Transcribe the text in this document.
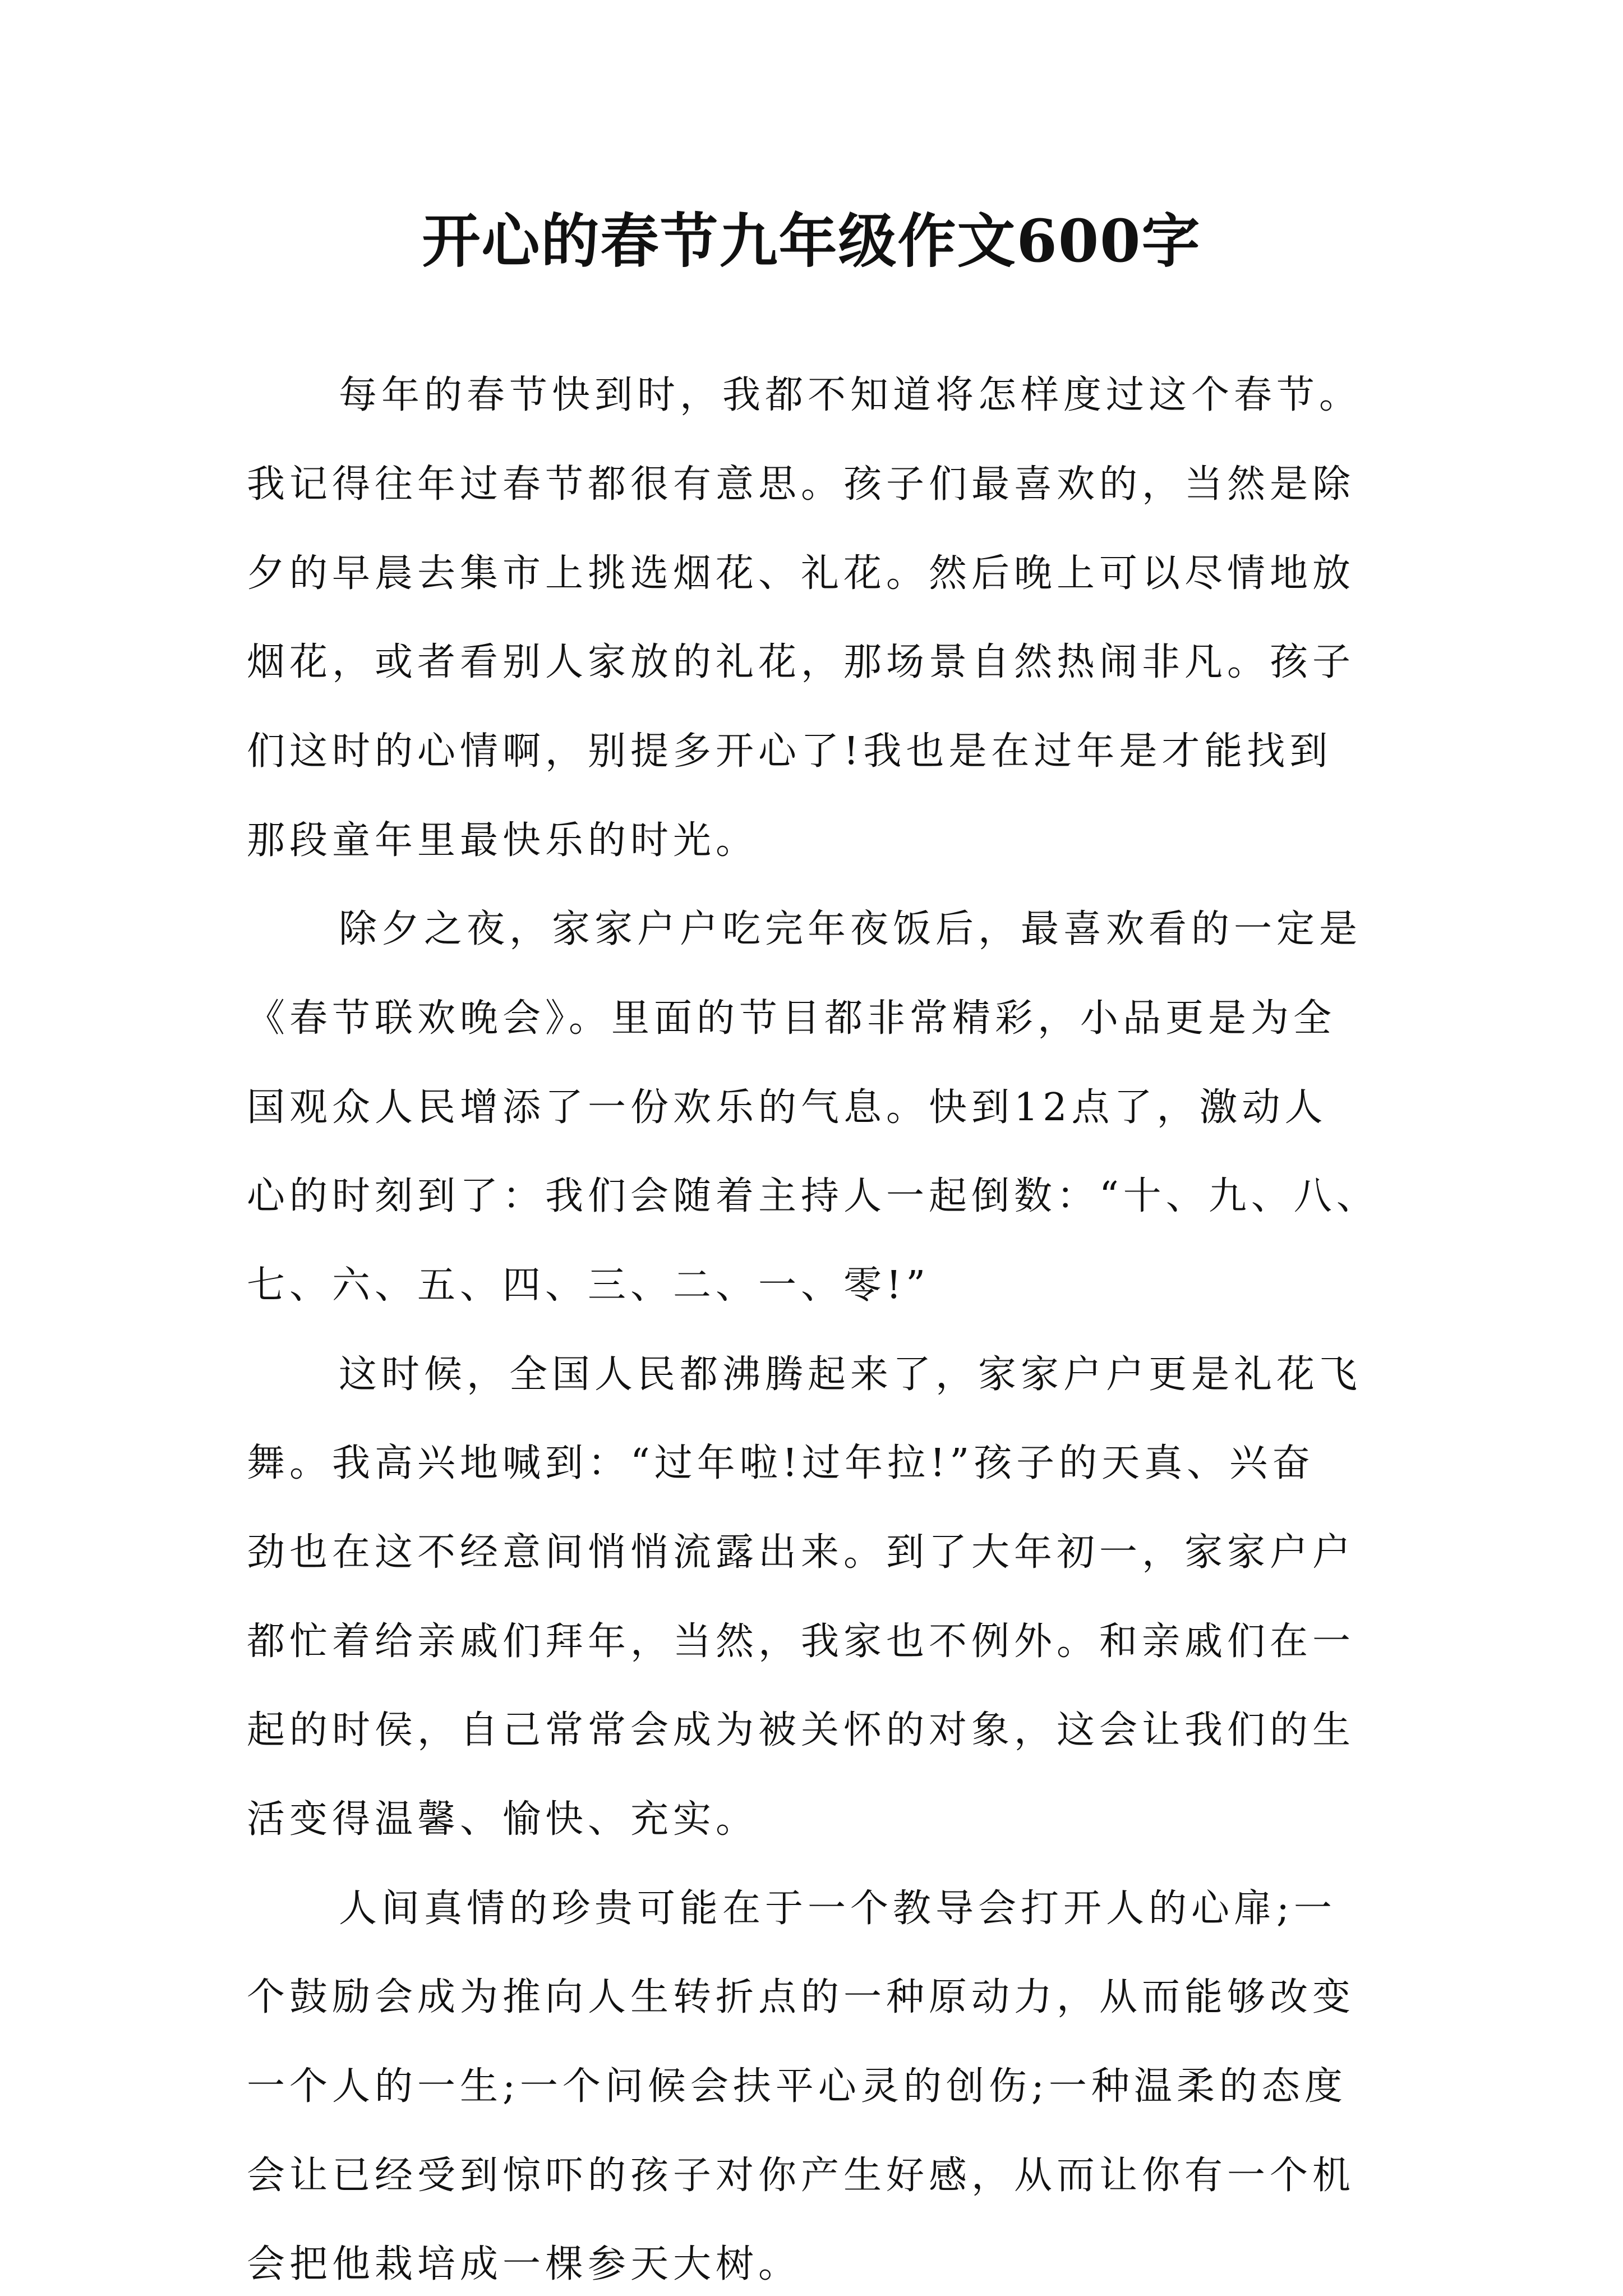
开心的春节九年级作文600字

每年的春节快到时，我都不知道将怎样度过这个春节。

我记得往年过春节都很有意思。孩子们最喜欢的，当然是除

夕的早晨去集市上挑选烟花、礼花。然后晚上可以尽情地放

烟花，或者看别人家放的礼花，那场景自然热闹非凡。孩子

们这时的心情啊，别提多开心了!我也是在过年是才能找到

那段童年里最快乐的时光。

除夕之夜，家家户户吃完年夜饭后，最喜欢看的一定是

《春节联欢晚会》。里面的节目都非常精彩，小品更是为全

国观众人民增添了一份欢乐的气息。快到12点了，激动人

心的时刻到了：我们会随着主持人一起倒数：“十、九、八、

七、六、五、四、三、二、一、零!”

这时候，全国人民都沸腾起来了，家家户户更是礼花飞

舞。我高兴地喊到：“过年啦!过年拉!”孩子的天真、兴奋

劲也在这不经意间悄悄流露出来。到了大年初一，家家户户

都忙着给亲戚们拜年，当然，我家也不例外。和亲戚们在一

起的时侯，自己常常会成为被关怀的对象，这会让我们的生

活变得温馨、愉快、充实。

人间真情的珍贵可能在于一个教导会打开人的心扉;一

个鼓励会成为推向人生转折点的一种原动力，从而能够改变

一个人的一生;一个问候会扶平心灵的创伤;一种温柔的态度

会让已经受到惊吓的孩子对你产生好感，从而让你有一个机

会把他栽培成一棵参天大树。
